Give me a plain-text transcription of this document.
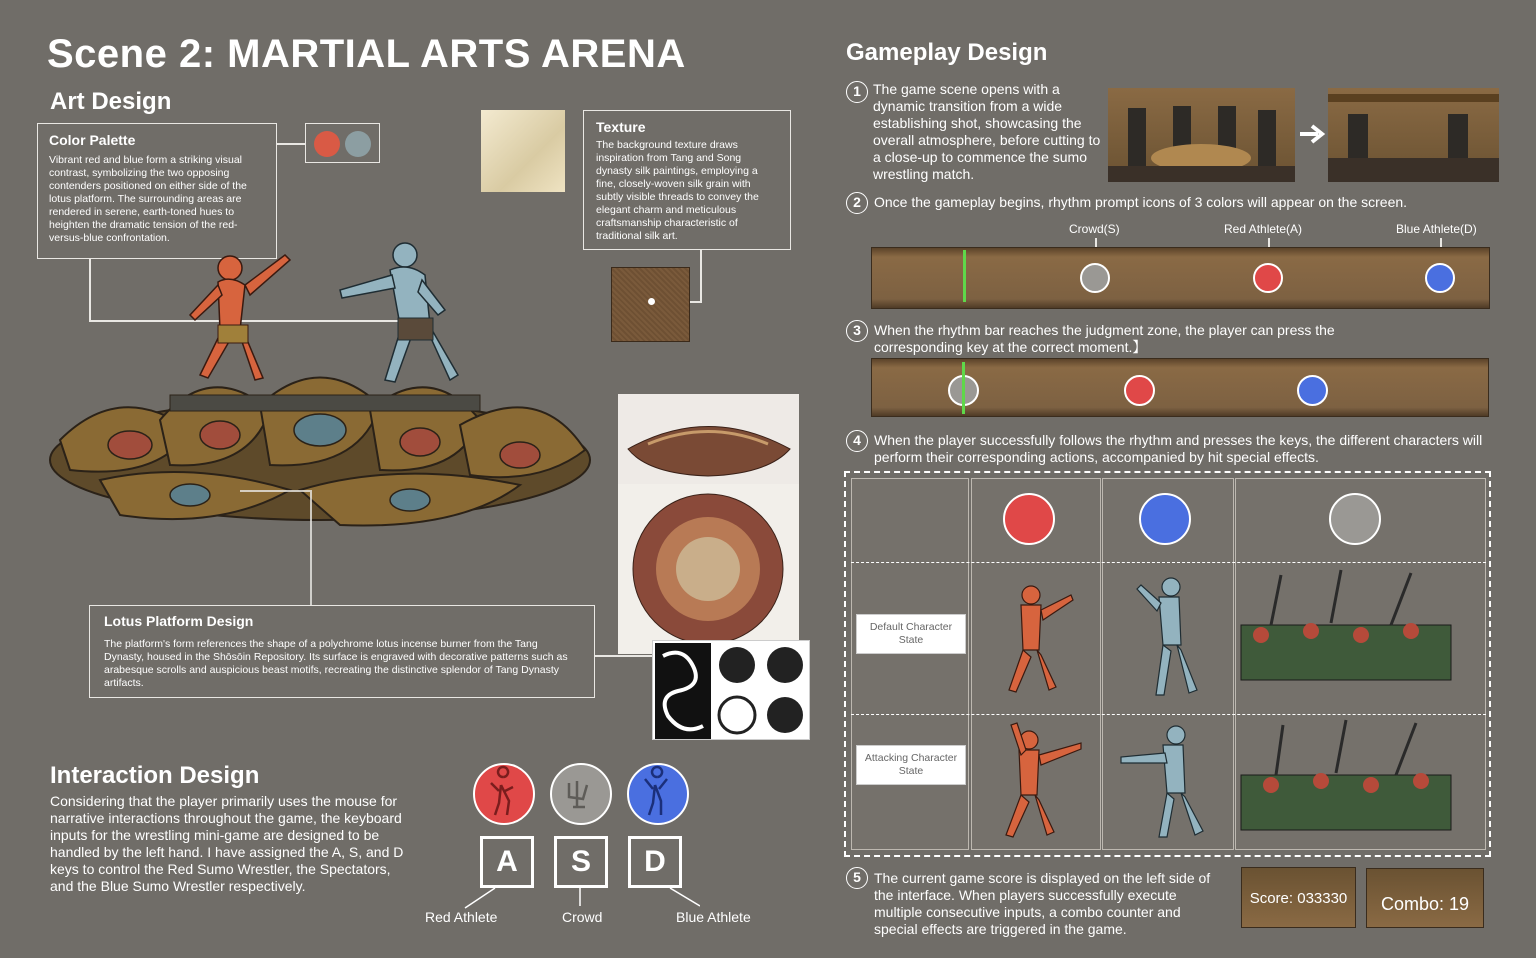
Scene 2: MARTIAL ARTS ARENA
Art Design
Color Palette

Vibrant red and blue form a striking visual contrast, symbolizing the two opposing contenders positioned on either side of the lotus platform. The surrounding areas are rendered in serene, earth-toned hues to heighten the dramatic tension of the red-versus-blue confrontation.

Texture

The background texture draws inspiration from Tang and Song dynasty silk paintings, employing a fine, closely-woven silk grain with subtly visible threads to convey the elegant charm and meticulous craftsmanship characteristic of traditional silk art.

Lotus Platform Design

The platform's form references the shape of a polychrome lotus incense burner from the Tang Dynasty, housed in the Shōsōin Repository. Its surface is engraved with decorative patterns such as arabesque scrolls and auspicious beast motifs, recreating the distinctive splendor of Tang Dynasty artifacts.

Interaction Design

Considering that the player primarily uses the mouse for narrative interactions throughout the game, the keyboard inputs for the wrestling mini-game are designed to be handled by the left hand. I have assigned the A, S, and D keys to control the Red Sumo Wrestler, the Spectators, and the Blue Sumo Wrestler respectively.

A	S	D
Red Athlete	Crowd	Blue Athlete
Gameplay Design
1 The game scene opens with a dynamic transition from a wide establishing shot, showcasing the overall atmosphere, before cutting to a close-up to commence the sumo wrestling match.

2 Once the gameplay begins, rhythm prompt icons of 3 colors will appear on the screen.

Crowd(S)	Red Athlete(A)	Blue Athlete(D)
3 When the rhythm bar reaches the judgment zone, the player can press the corresponding key at the correct moment.】

4 When the player successfully follows the rhythm and presses the keys, the different characters will perform their corresponding actions, accompanied by hit special effects.

Default Character State
Attacking Character State
5 The current game score is displayed on the left side of the interface. When players successfully execute multiple consecutive inputs, a combo counter and special effects are triggered in the game.

Score: 033330	Combo: 19
